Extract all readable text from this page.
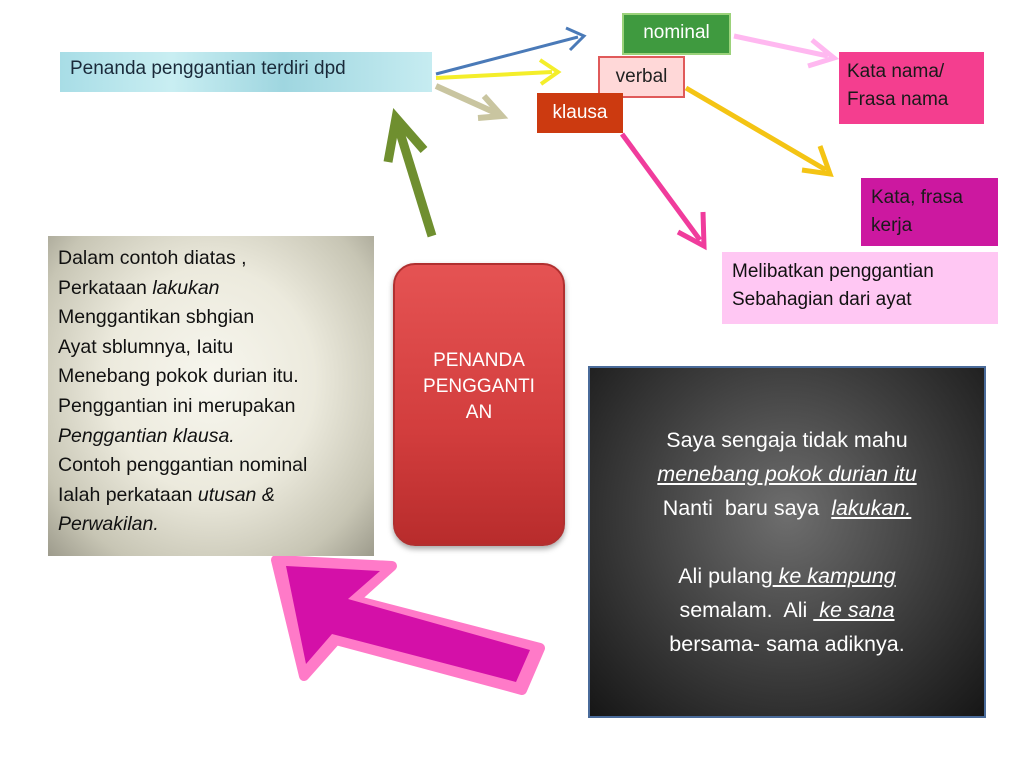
Penanda penggantian terdiri dpd
nominal
verbal
klausa
Kata nama/
Frasa nama
Kata, frasa
kerja
Melibatkan penggantian
Sebahagian dari ayat
Dalam contoh diatas ,
Perkataan lakukan
Menggantikan sbhgian
Ayat sblumnya, Iaitu
Menebang pokok durian itu.
Penggantian ini merupakan
Penggantian klausa.
Contoh penggantian nominal
Ialah perkataan utusan &
Perwakilan.
PENANDA
PENGGANTI
AN
Saya sengaja tidak mahu
menebang pokok durian itu
Nanti  baru saya  lakukan.
Ali pulang ke kampung
semalam.  Ali  ke sana
bersama- sama adiknya.
